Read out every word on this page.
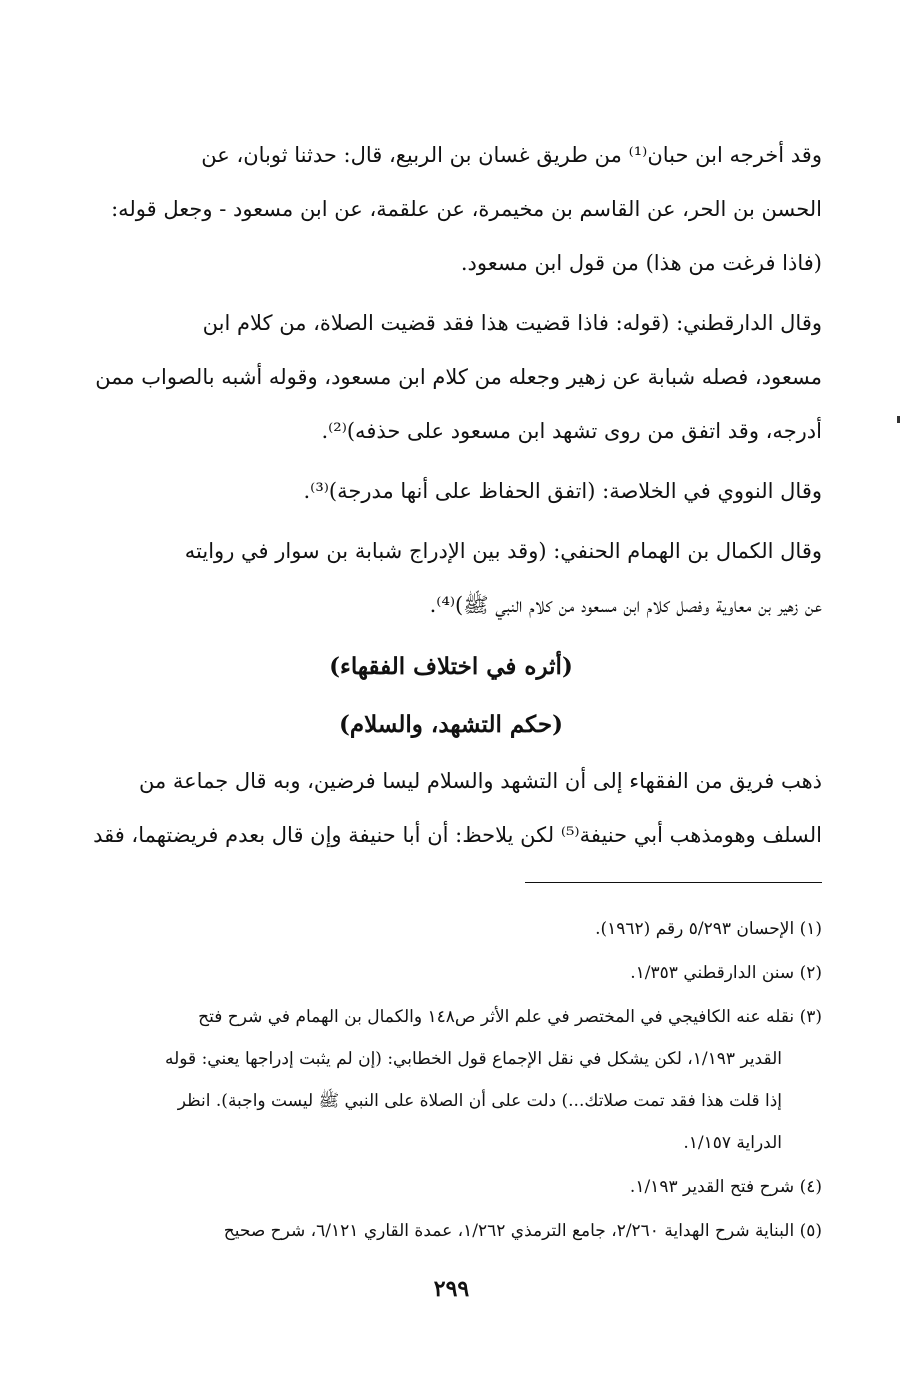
وقد أخرجه ابن حبان⁽¹⁾ من طريق غسان بن الربيع، قال: حدثنا ثوبان، عن

الحسن بن الحر، عن القاسم بن مخيمرة، عن علقمة، عن ابن مسعود - وجعل قوله:

(فاذا فرغت من هذا) من قول ابن مسعود.

وقال الدارقطني: (قوله: فاذا قضيت هذا فقد قضيت الصلاة، من كلام ابن

مسعود، فصله شبابة عن زهير وجعله من كلام ابن مسعود، وقوله أشبه بالصواب ممن

أدرجه، وقد اتفق من روى تشهد ابن مسعود على حذفه)⁽²⁾.

وقال النووي في الخلاصة: (اتفق الحفاظ على أنها مدرجة)⁽³⁾.

وقال الكمال بن الهمام الحنفي: (وقد بين الإدراج شبابة بن سوار في روايته

عن زهير بن معاوية وفصل كلام ابن مسعود من كلام النبي ﷺ)⁽⁴⁾.

(أثره في اختلاف الفقهاء)
(حكم التشهد، والسلام)

ذهب فريق من الفقهاء إلى أن التشهد والسلام ليسا فرضين، وبه قال جماعة من

السلف وهومذهب أبي حنيفة⁽⁵⁾ لكن يلاحظ: أن أبا حنيفة وإن قال بعدم فريضتهما، فقد

(١) الإحسان ٥/٢٩٣ رقم (١٩٦٢).
(٢) سنن الدارقطني ١/٣٥٣.
(٣) نقله عنه الكافيجي في المختصر في علم الأثر ص١٤٨ والكمال بن الهمام في شرح فتح
القدير ١/١٩٣، لكن يشكل في نقل الإجماع قول الخطابي: (إن لم يثبت إدراجها يعني: قوله
إذا قلت هذا فقد تمت صلاتك...) دلت على أن الصلاة على النبي ﷺ ليست واجبة). انظر
الدراية ١/١٥٧.
(٤) شرح فتح القدير ١/١٩٣.
(٥) البناية شرح الهداية ٢/٢٦٠، جامع الترمذي ١/٢٦٢، عمدة القاري ٦/١٢١، شرح صحيح
٢٩٩
